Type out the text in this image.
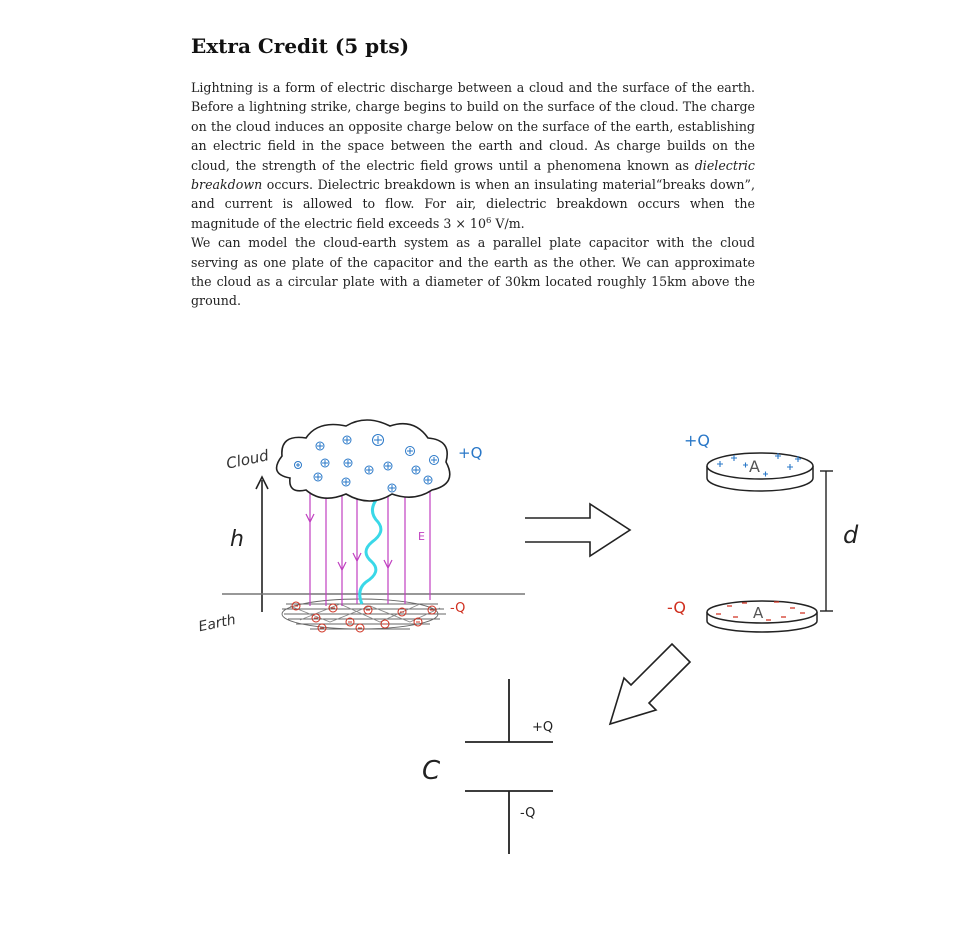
Extra Credit (5 pts)

Lightning is a form of electric discharge between a cloud and the surface of the earth. Before a lightning strike, charge begins to build on the surface of the cloud. The charge on the cloud induces an opposite charge below on the surface of the earth, establishing an electric field in the space between the earth and cloud. As charge builds on the cloud, the strength of the electric field grows until a phenomena known as dielectric breakdown occurs. Dielectric breakdown is when an insulating material“breaks down”, and current is allowed to flow. For air, dielectric breakdown occurs when the magnitude of the electric field exceeds $3 \times 10^6$ V/m.

We can model the cloud-earth system as a parallel plate capacitor with the cloud serving as one plate of the capacitor and the earth as the other. We can approximate the cloud as a circular plate with a diameter of 30km located roughly 15km above the ground.

Cloud
h
Earth
-Q
E
+Q
+Q
A
-Q	A
d
+Q
-Q
C
